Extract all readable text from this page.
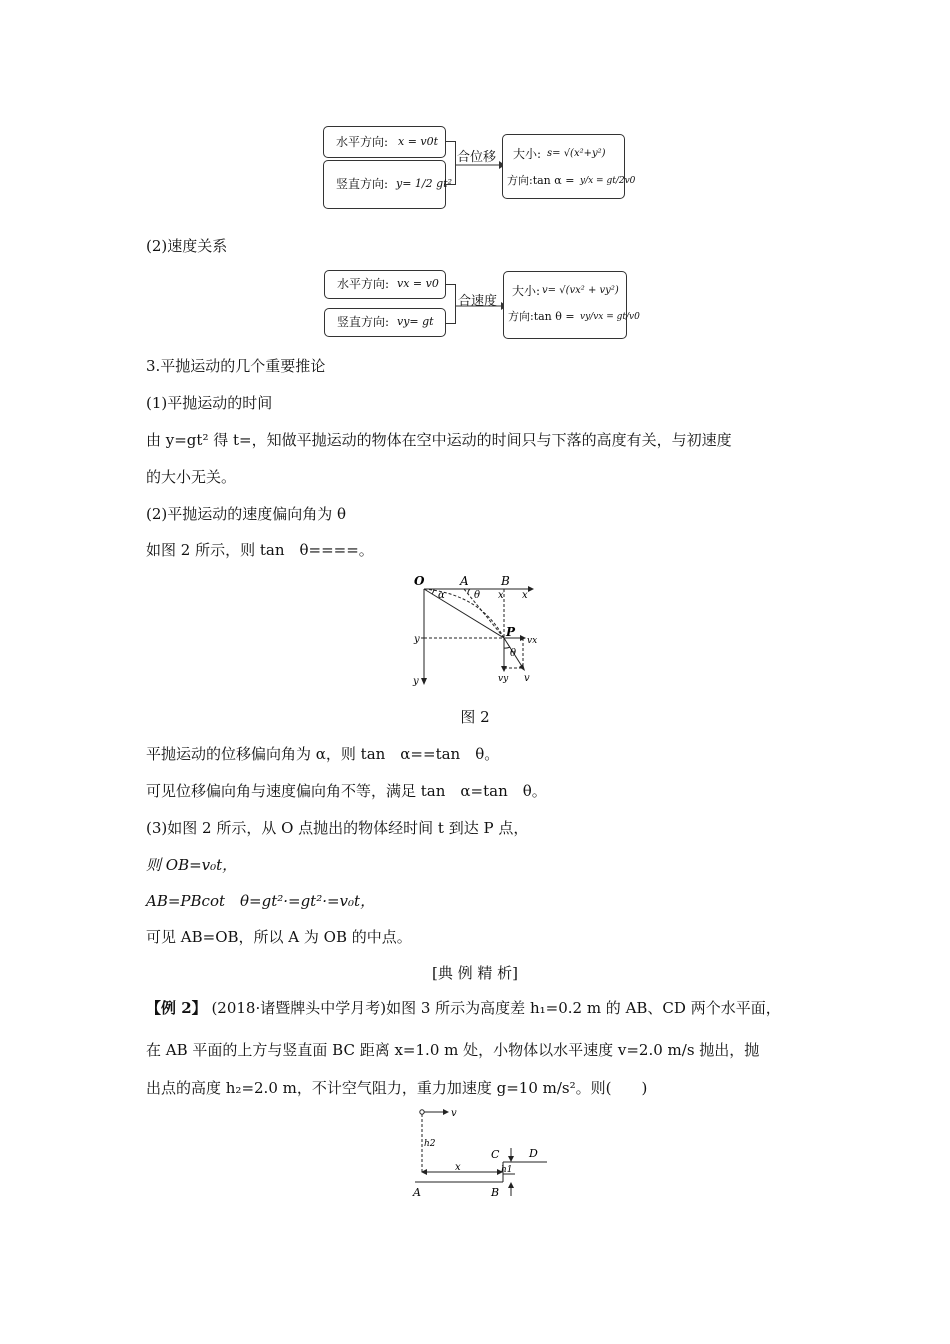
水平方向: x = v0t
竖直方向: y= 1/2 gt²
合位移 大小: s= √(x²+y²)
方向:tan α = y/x = gt/2v0
(2)速度关系
水平方向: vx = v0
竖直方向: vy= gt
合速度
大小: v= √(vx² + vy²)
方向:tan θ = vy/vx = gt/v0
3.平抛运动的几个重要推论
(1)平抛运动的时间
由 y=gt² 得 t=，知做平抛运动的物体在空中运动的时间只与下落的高度有关，与初速度
的大小无关。
(2)平抛运动的速度偏向角为 θ
如图 2 所示，则 tan　θ====。
O	A	B
x
x
α	θ
P
vx
θ
y
y	vy v
图 2
平抛运动的位移偏向角为 α，则 tan　α==tan　θ。
可见位移偏向角与速度偏向角不等，满足 tan　α=tan　θ。
(3)如图 2 所示，从 O 点抛出的物体经时间 t 到达 P 点，
则 OB=v₀t，
AB=PBcot　θ=gt²·=gt²·=v₀t，
可见 AB=OB，所以 A 为 OB 的中点。
[典 例 精 析]
【例 2】 (2018·诸暨牌头中学月考)如图 3 所示为高度差 h₁=0.2 m 的 AB、CD 两个水平面，
在 AB 平面的上方与竖直面 BC 距离 x=1.0 m 处，小物体以水平速度 v=2.0 m/s 抛出，抛
出点的高度 h₂=2.0 m，不计空气阻力，重力加速度 g=10 m/s²。则(　　)
v
h2
C	D
h1
x
A	B
